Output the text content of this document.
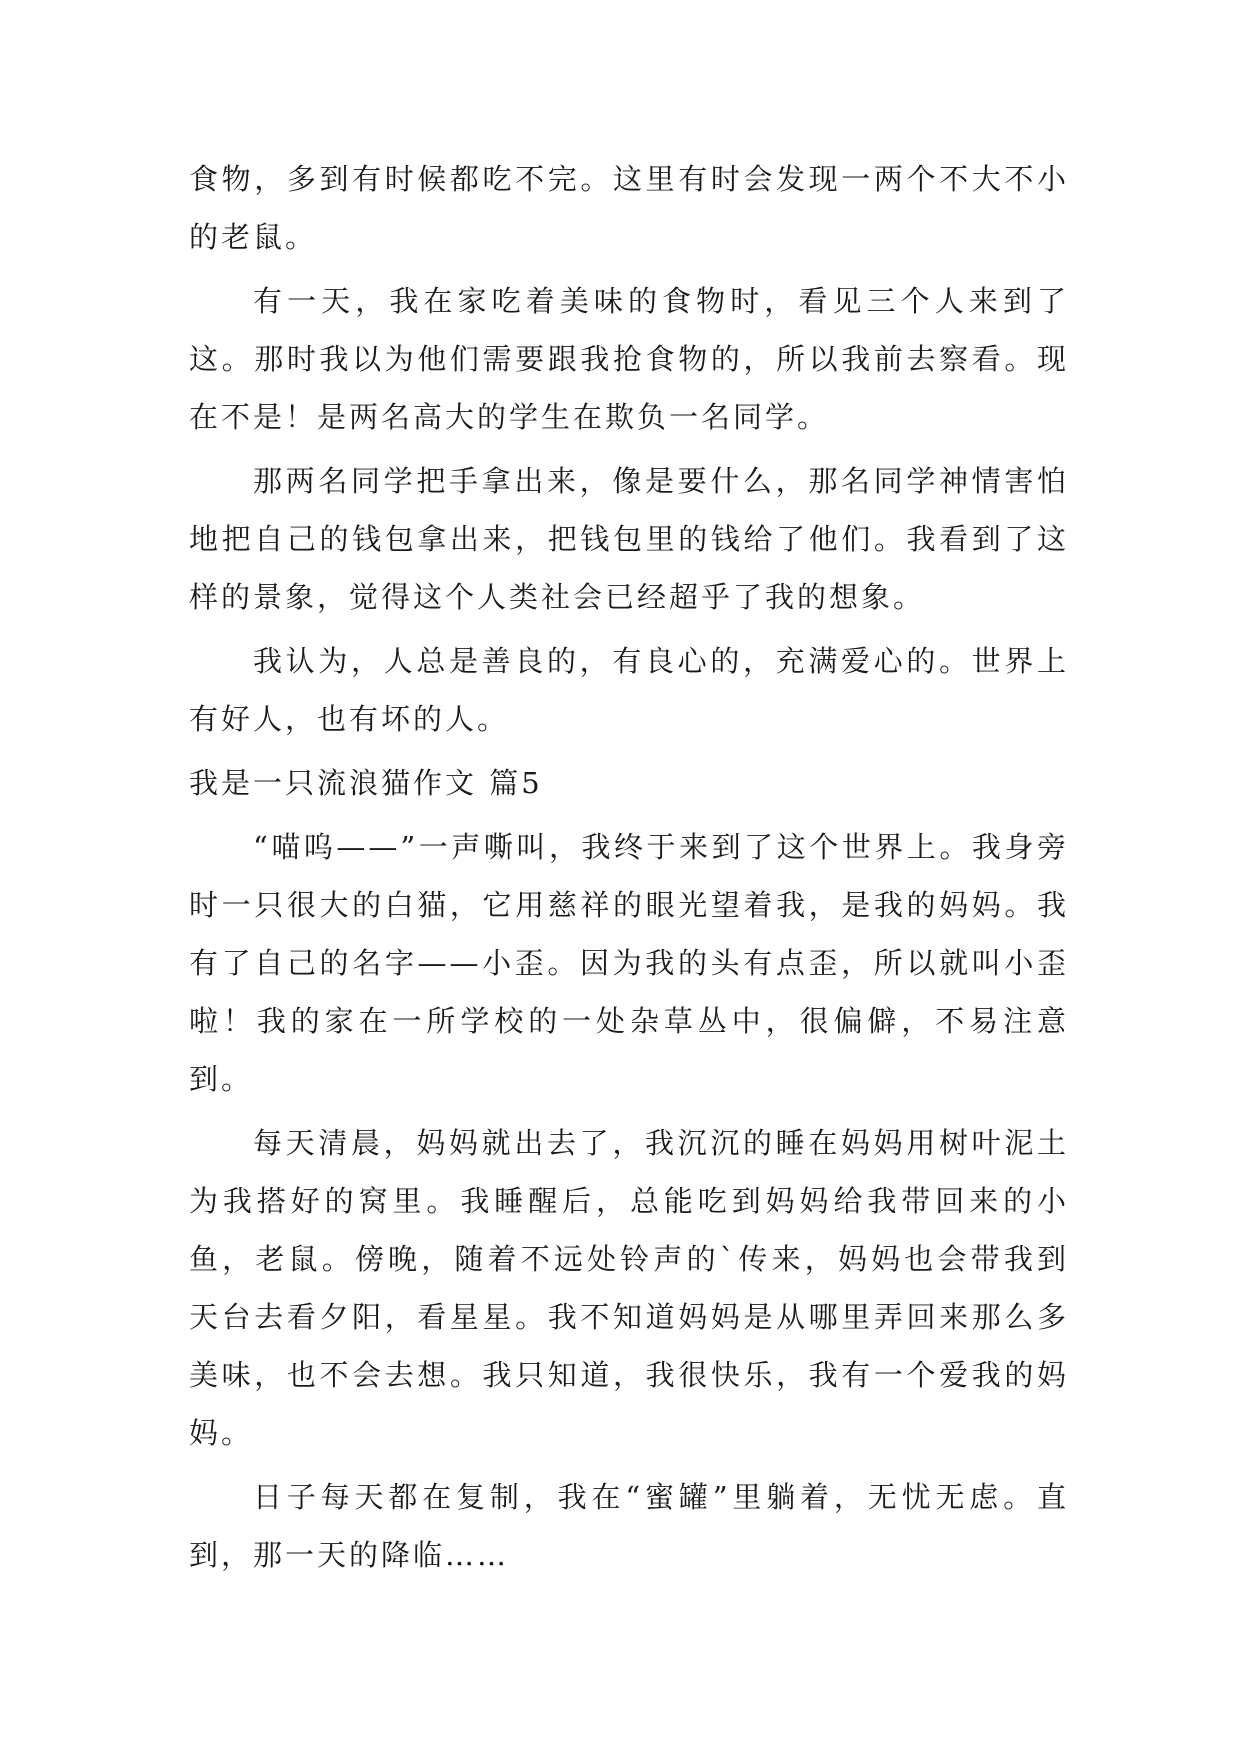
食物，多到有时候都吃不完。这里有时会发现一两个不大不小的老鼠。

有一天，我在家吃着美味的食物时，看见三个人来到了这。那时我以为他们需要跟我抢食物的，所以我前去察看。现在不是！是两名高大的学生在欺负一名同学。

那两名同学把手拿出来，像是要什么，那名同学神情害怕地把自己的钱包拿出来，把钱包里的钱给了他们。我看到了这样的景象，觉得这个人类社会已经超乎了我的想象。

我认为，人总是善良的，有良心的，充满爱心的。世界上有好人，也有坏的人。

我是一只流浪猫作文 篇5

“喵呜——”一声嘶叫，我终于来到了这个世界上。我身旁时一只很大的白猫，它用慈祥的眼光望着我，是我的妈妈。我有了自己的名字——小歪。因为我的头有点歪，所以就叫小歪啦！我的家在一所学校的一处杂草丛中，很偏僻，不易注意到。

每天清晨，妈妈就出去了，我沉沉的睡在妈妈用树叶泥土为我搭好的窝里。我睡醒后，总能吃到妈妈给我带回来的小鱼，老鼠。傍晚，随着不远处铃声的`传来，妈妈也会带我到天台去看夕阳，看星星。我不知道妈妈是从哪里弄回来那么多美味，也不会去想。我只知道，我很快乐，我有一个爱我的妈妈。

日子每天都在复制，我在“蜜罐”里躺着，无忧无虑。直到，那一天的降临……
